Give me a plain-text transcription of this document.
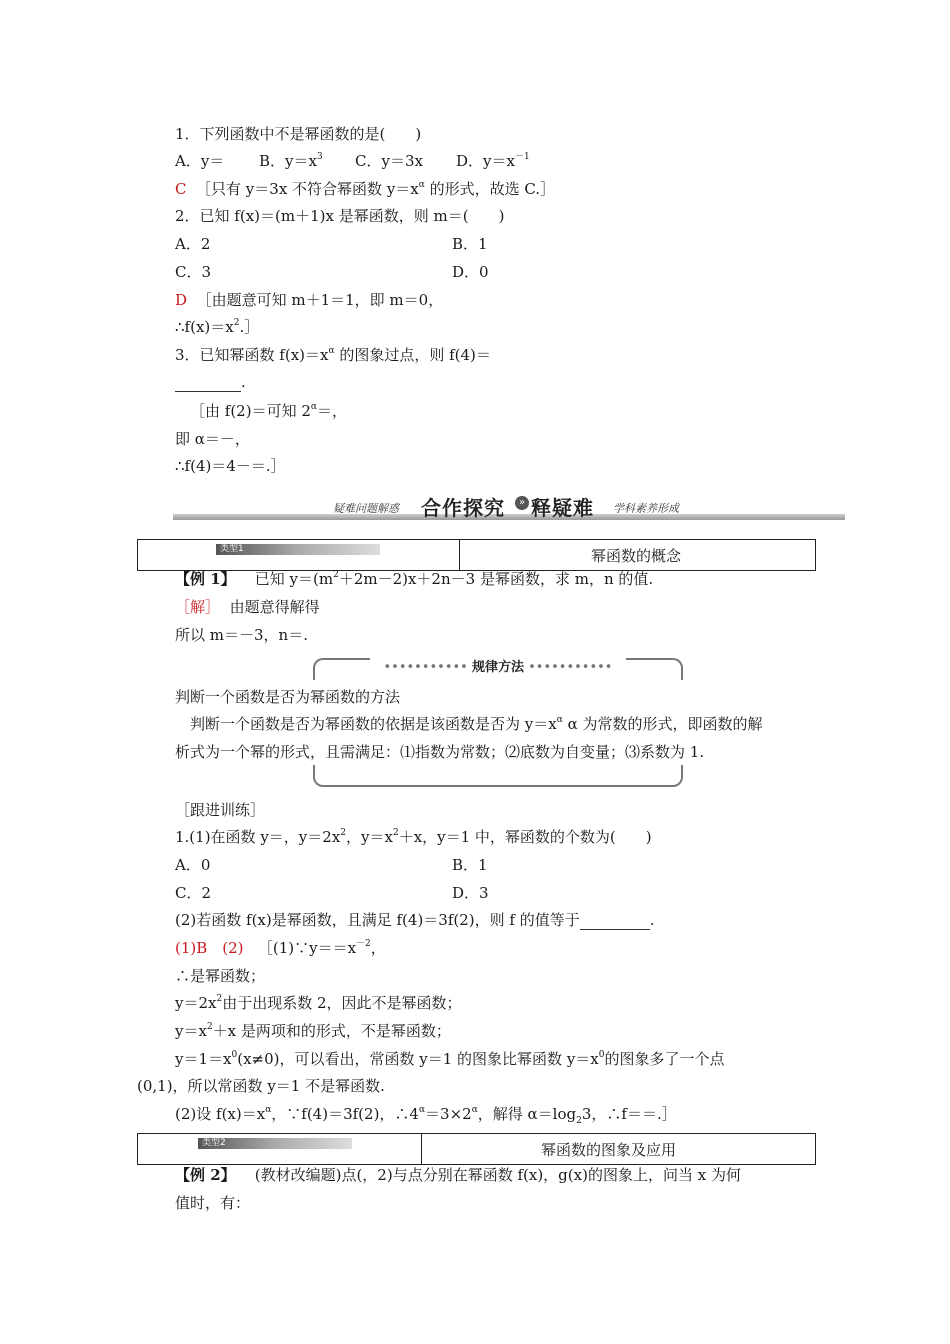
1．下列函数中不是幂函数的是(　　)
A．y＝ B．$y=x^3$ C．y＝3x D．$y=x^{-1}$
C ［只有 y＝3x 不符合幂函数 $y=x^\alpha$ 的形式，故选 C.］
2．已知 f(x)＝(m＋1)x 是幂函数，则 m＝(　　)
A．2	B．1
C．3	D．0
D ［由题意可知 m＋1＝1，即 m＝0，
$\therefore f(x)=x^2.]$
3．已知幂函数 $f(x)=x^\alpha$ 的图象过点，则 f(4)＝
.
［由 f(2)＝可知 $2^\alpha=$，
即 α＝－，
∴f(4)＝4－＝.］
疑难问题解惑 合作探究	» 释疑难 学科素养形成
类型1	幂函数的概念
【例 1】 已知 $y=(m^2+2m-2)x+2n-3$ 是幂函数，求 m，n 的值.
［解］ 由题意得解得
所以 m＝－3，n＝.
••••••••••• 规律方法 •••••••••••
判断一个函数是否为幂函数的方法
判断一个函数是否为幂函数的依据是该函数是否为 $y=x^\alpha$ α 为常数的形式，即函数的解
析式为一个幂的形式，且需满足：⑴指数为常数；⑵底数为自变量；⑶系数为 1.
［跟进训练］
1.(1)在函数 y＝，$y=2x^2$，$y=x^2+x$，y＝1 中，幂函数的个数为(　　)
A．0	B．1
C．2	D．3
(2)若函数 f(x)是幂函数，且满足 f(4)＝3f(2)，则 f 的值等于	.
(1)B　(2) $[(1)\because y==x^{-2}$，
∴是幂函数；
$y=2x^2$由于出现系数 2，因此不是幂函数；
$y=x^2+x$ 是两项和的形式，不是幂函数；
$y=1=x^0(x\ne 0)$，可以看出，常函数 y＝1 的图象比幂函数 $y=x^0$的图象多了一个点
(0,1)，所以常函数 y＝1 不是幂函数.
(2)设 $f(x)=x^\alpha$，∵f(4)＝3f(2)，$\therefore 4^\alpha=3\times 2^\alpha$，解得 $\alpha=\log_23$，∴f＝＝.］
类型2	幂函数的图象及应用
【例 2】 (教材改编题)点(，2)与点分别在幂函数 f(x)，g(x)的图象上，问当 x 为何
值时，有：
